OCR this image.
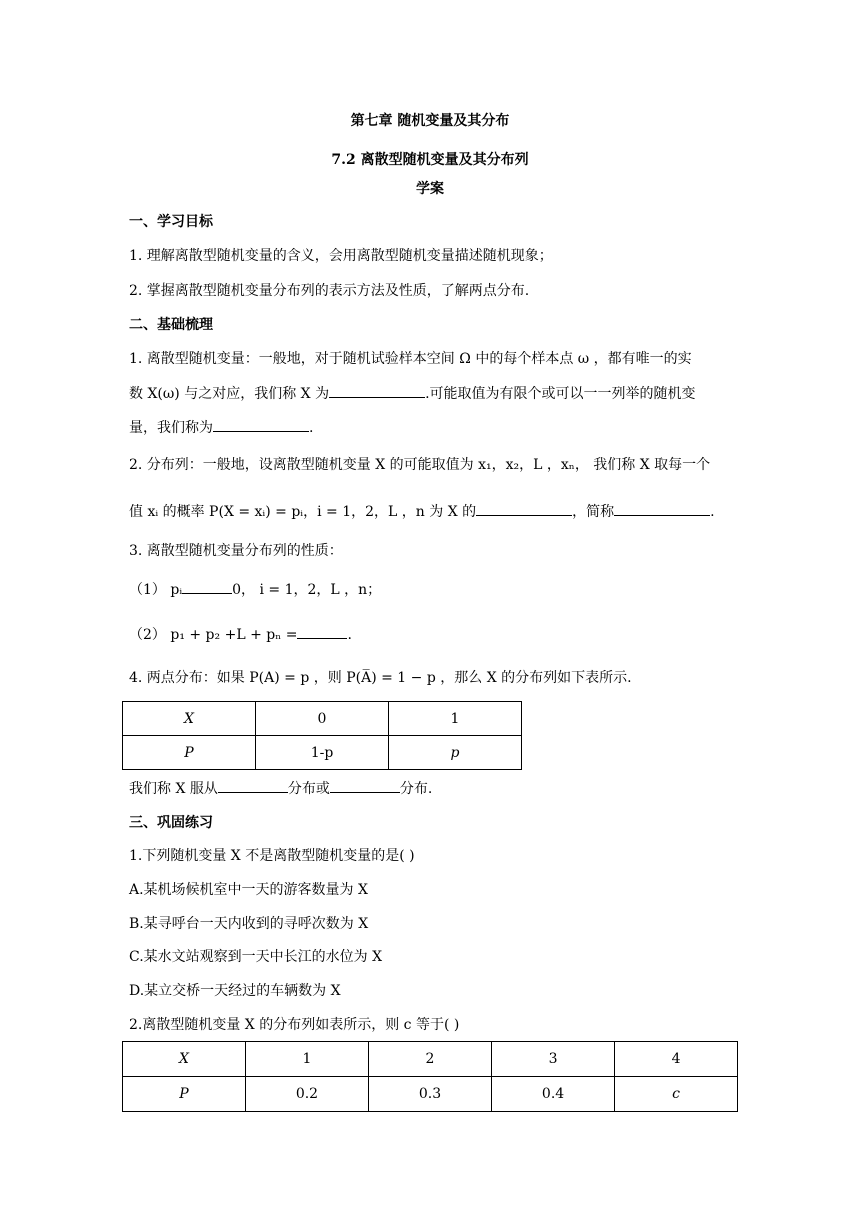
第七章 随机变量及其分布
7.2 离散型随机变量及其分布列
学案
一、学习目标
1. 理解离散型随机变量的含义，会用离散型随机变量描述随机现象；
2. 掌握离散型随机变量分布列的表示方法及性质，了解两点分布.
二、基础梳理
1. 离散型随机变量：一般地，对于随机试验样本空间 Ω 中的每个样本点 ω ，都有唯一的实
数 X(ω) 与之对应，我们称 X 为	.可能取值为有限个或可以一一列举的随机变
量，我们称为	.
2. 分布列：一般地，设离散型随机变量 X 的可能取值为 x₁，x₂，L ，xₙ， 我们称 X 取每一个
值 xᵢ 的概率 P(X = xᵢ) = pᵢ，i = 1，2，L ，n 为 X 的	，简称	.
3. 离散型随机变量分布列的性质：
（1） pᵢ	0， i = 1，2，L ，n；
（2） p₁ + p₂ +L + pₙ =	.
4. 两点分布：如果 P(A) = p ，则 P(A̅) = 1 − p ，那么 X 的分布列如下表所示.
X	0	1
P	1-p	p
我们称 X 服从	分布或	分布.
三、巩固练习
1.下列随机变量 X 不是离散型随机变量的是( )
A.某机场候机室中一天的游客数量为 X
B.某寻呼台一天内收到的寻呼次数为 X
C.某水文站观察到一天中长江的水位为 X
D.某立交桥一天经过的车辆数为 X
2.离散型随机变量 X 的分布列如表所示，则 c 等于( )
X	1	2	3	4
P	0.2	0.3	0.4	c
